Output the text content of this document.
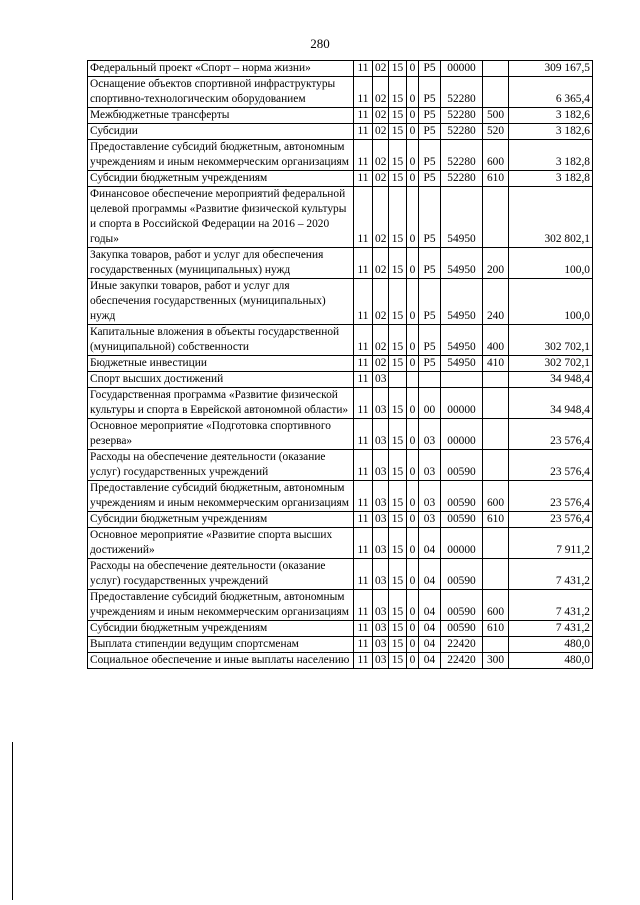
280
Федеральный проект «Спорт – норма жизни»	11	02	15	0	P5	00000		309 167,5
Оснащение объектов спортивной инфраструктуры спортивно-технологическим оборудованием	11	02	15	0	P5	52280		6 365,4
Межбюджетные трансферты	11	02	15	0	P5	52280	500	3 182,6
Субсидии	11	02	15	0	P5	52280	520	3 182,6
Предоставление субсидий бюджетным, автономным учреждениям и иным некоммерческим организациям	11	02	15	0	P5	52280	600	3 182,8
Субсидии бюджетным учреждениям	11	02	15	0	P5	52280	610	3 182,8
Финансовое обеспечение мероприятий федеральной целевой программы «Развитие физической культуры и спорта в Российской Федерации на 2016 – 2020 годы»	11	02	15	0	P5	54950		302 802,1
Закупка товаров, работ и услуг для обеспечения государственных (муниципальных) нужд	11	02	15	0	P5	54950	200	100,0
Иные закупки товаров, работ и услуг для обеспечения государственных (муниципальных) нужд	11	02	15	0	P5	54950	240	100,0
Капитальные вложения в объекты государственной (муниципальной) собственности	11	02	15	0	P5	54950	400	302 702,1
Бюджетные инвестиции	11	02	15	0	P5	54950	410	302 702,1
Спорт высших достижений	11	03						34 948,4
Государственная программа «Развитие физической культуры и спорта в Еврейской автономной области»	11	03	15	0	00	00000		34 948,4
Основное мероприятие «Подготовка спортивного резерва»	11	03	15	0	03	00000		23 576,4
Расходы на обеспечение деятельности (оказание услуг) государственных учреждений	11	03	15	0	03	00590		23 576,4
Предоставление субсидий бюджетным, автономным учреждениям и иным некоммерческим организациям	11	03	15	0	03	00590	600	23 576,4
Субсидии бюджетным учреждениям	11	03	15	0	03	00590	610	23 576,4
Основное мероприятие «Развитие спорта высших достижений»	11	03	15	0	04	00000		7 911,2
Расходы на обеспечение деятельности (оказание услуг) государственных учреждений	11	03	15	0	04	00590		7 431,2
Предоставление субсидий бюджетным, автономным учреждениям и иным некоммерческим организациям	11	03	15	0	04	00590	600	7 431,2
Субсидии бюджетным учреждениям	11	03	15	0	04	00590	610	7 431,2
Выплата стипендии ведущим спортсменам	11	03	15	0	04	22420		480,0
Социальное обеспечение и иные выплаты населению	11	03	15	0	04	22420	300	480,0
